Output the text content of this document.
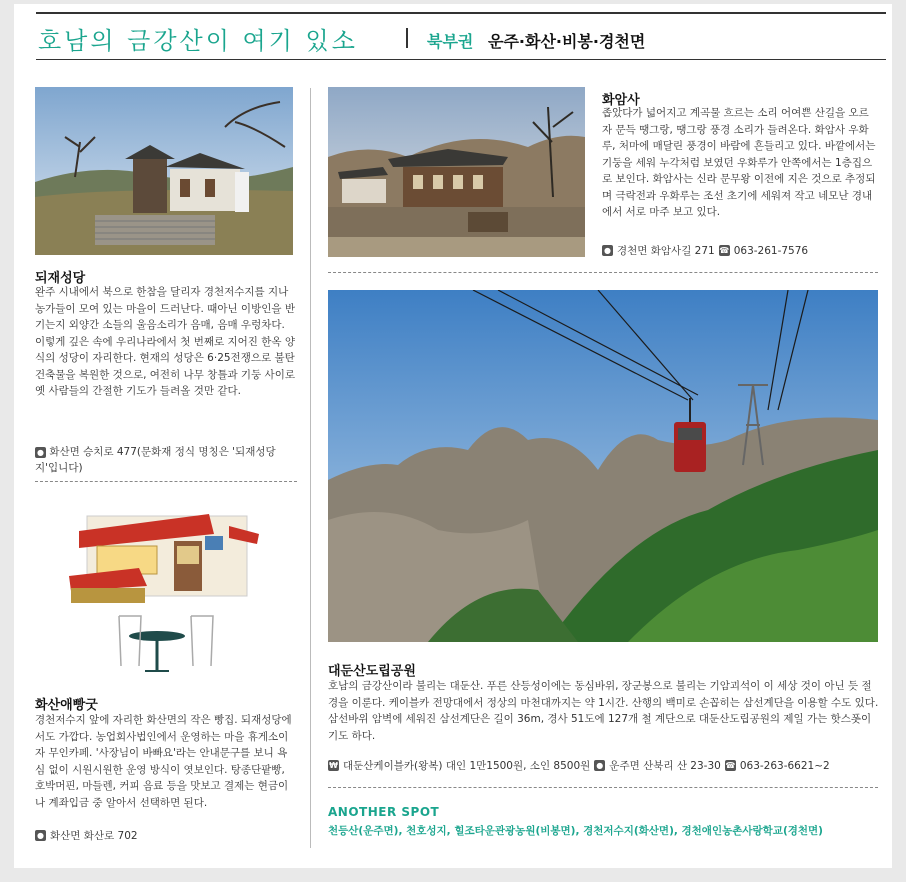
호남의 금강산이 여기 있소	북부권 운주·화산·비봉·경천면
되재성당

완주 시내에서 북으로 한참을 달리자 경천저수지를 지나 농가들이 모여 있는 마을이 드러난다. 때아닌 이방인을 반기는지 외양간 소들의 울음소리가 음매, 음매 우렁차다. 이렇게 깊은 속에 우리나라에서 첫 번째로 지어진 한옥 양식의 성당이 자리한다. 현재의 성당은 6·25전쟁으로 불탄 건축물을 복원한 것으로, 여전히 나무 창틀과 기둥 사이로 옛 사람들의 간절한 기도가 들려올 것만 같다.

● 화산면 승치로 477(문화재 정식 명칭은 '되재성당지'입니다)
화산애빵굿

경천저수지 앞에 자리한 화산면의 작은 빵집. 되재성당에서도 가깝다. 농업회사법인에서 운영하는 마을 휴게소이자 무인카페. '사장님이 바빠요'라는 안내문구를 보니 욕심 없이 시원시원한 운영 방식이 엿보인다. 탕종단팥빵, 호박머핀, 마들렌, 커피 음료 등을 맛보고 결제는 현금이나 계좌입금 중 알아서 선택하면 된다.

● 화산면 화산로 702
화암사

좁았다가 넓어지고 계곡물 흐르는 소리 어여쁜 산길을 오르자 문득 땡그랑, 땡그랑 풍경 소리가 들려온다. 화암사 우화루, 처마에 매달린 풍경이 바람에 흔들리고 있다. 바깥에서는 기둥을 세워 누각처럼 보였던 우화루가 안쪽에서는 1층집으로 보인다. 화암사는 신라 문무왕 이전에 지은 것으로 추정되며 극락전과 우화루는 조선 초기에 세워져 작고 네모난 경내에서 서로 마주 보고 있다.

● 경천면 화암사길 271 ☎ 063-261-7576
대둔산도립공원

호남의 금강산이라 불리는 대둔산. 푸른 산등성이에는 동심바위, 장군봉으로 불리는 기암괴석이 이 세상 것이 아닌 듯 절경을 이룬다. 케이블카 전망대에서 정상의 마천대까지는 약 1시간. 산행의 백미로 손꼽히는 삼선계단을 이용할 수도 있다. 삼선바위 암벽에 세워진 삼선계단은 길이 36m, 경사 51도에 127개 철 계단으로 대둔산도립공원의 제일 가는 핫스폿이기도 하다.

₩ 대둔산케이블카(왕복) 대인 1만1500원, 소인 8500원 ● 운주면 산북리 산 23-30 ☎ 063-263-6621~2
ANOTHER SPOT
천등산(운주면), 천호성지, 힐조타운관광농원(비봉면), 경천저수지(화산면), 경천애인농촌사랑학교(경천면)
